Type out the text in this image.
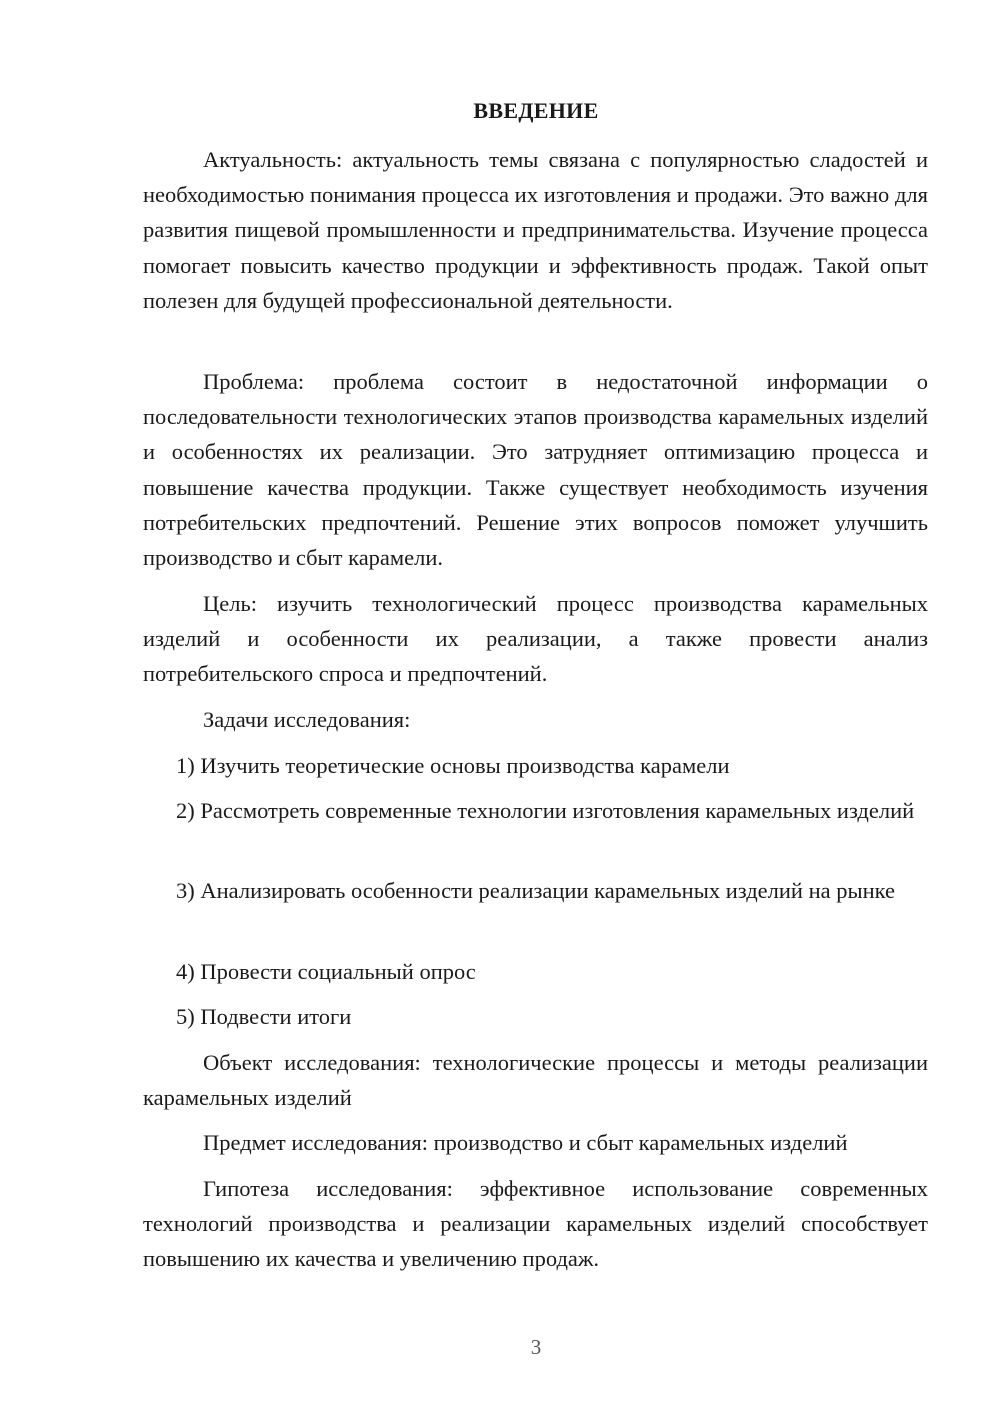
ВВЕДЕНИЕ

Актуальность: актуальность темы связана с популярностью сладостей и необходимостью понимания процесса их изготовления и продажи. Это важно для развития пищевой промышленности и предпринимательства. Изучение процесса помогает повысить качество продукции и эффективность продаж. Такой опыт полезен для будущей профессиональной деятельности.

Проблема: проблема состоит в недостаточной информации о последовательности технологических этапов производства карамельных изделий и особенностях их реализации. Это затрудняет оптимизацию процесса и повышение качества продукции. Также существует необходимость изучения потребительских предпочтений. Решение этих вопросов поможет улучшить производство и сбыт карамели.

Цель: изучить технологический процесс производства карамельных изделий и особенности их реализации, а также провести анализ потребительского спроса и предпочтений.

Задачи исследования:
1) Изучить теоретические основы производства карамели

2) Рассмотреть современные технологии изготовления карамельных изделий

3) Анализировать особенности реализации карамельных изделий на рынке

4) Провести социальный опрос
5) Подвести итоги

Объект исследования: технологические процессы и методы реализации карамельных изделий

Предмет исследования: производство и сбыт карамельных изделий

Гипотеза исследования: эффективное использование современных технологий производства и реализации карамельных изделий способствует повышению их качества и увеличению продаж.

3
